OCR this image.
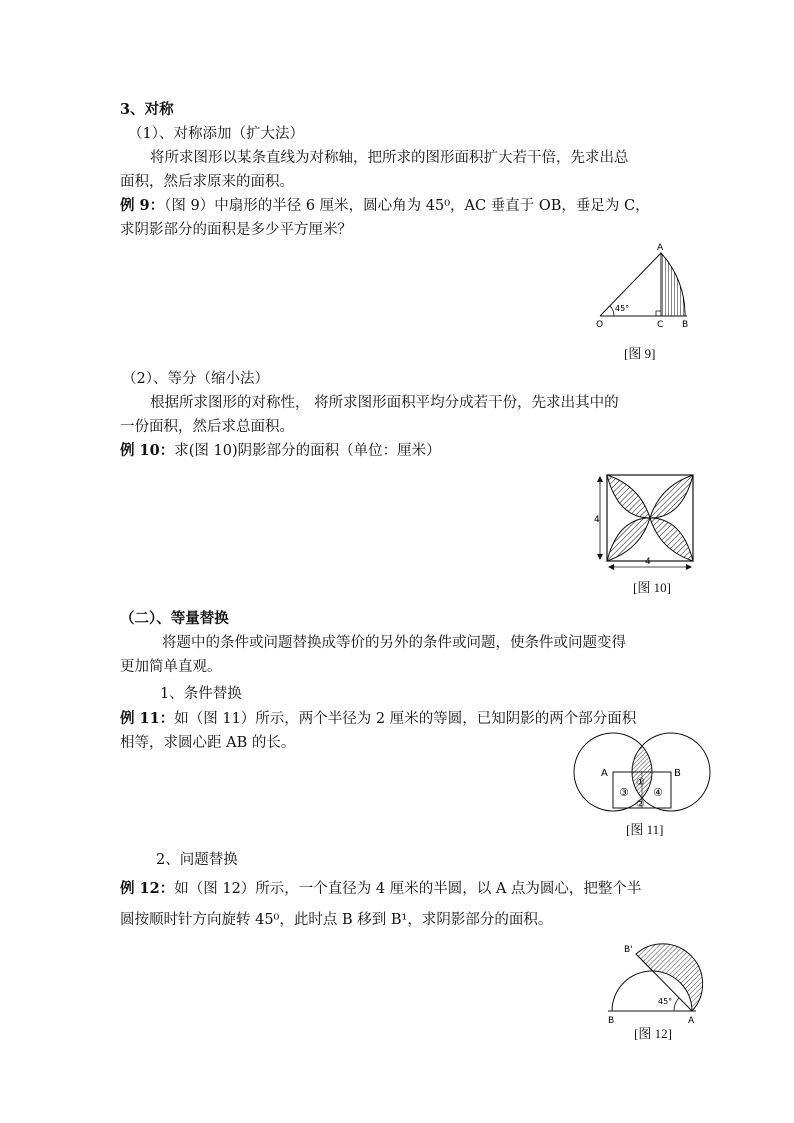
3、对称
（1）、对称添加（扩大法）
将所求图形以某条直线为对称轴，把所求的图形面积扩大若干倍，先求出总
面积，然后求原来的面积。
例 9：（图 9）中扇形的半径 6 厘米，圆心角为 45⁰，AC 垂直于 OB，垂足为 C，
求阴影部分的面积是多少平方厘米？
45°
A
O	C B
[图 9]
（2）、等分（缩小法）
根据所求图形的对称性， 将所求图形面积平均分成若干份，先求出其中的
一份面积，然后求总面积。
例 10：求(图 10)阴影部分的面积（单位：厘米）
4
4
[图 10]
（二）、等量替换
将题中的条件或问题替换成等价的另外的条件或问题，使条件或问题变得
更加简单直观。
1、条件替换
例 11：如（图 11）所示，两个半径为 2 厘米的等圆，已知阴影的两个部分面积
相等，求圆心距 AB 的长。
A	B
①
②
③ ④
[图 11]
2、问题替换
例 12：如（图 12）所示，一个直径为 4 厘米的半圆，以 A 点为圆心，把整个半
圆按顺时针方向旋转 45⁰，此时点 B 移到 B¹，求阴影部分的面积。
45°
B'
B	A
[图 12]
